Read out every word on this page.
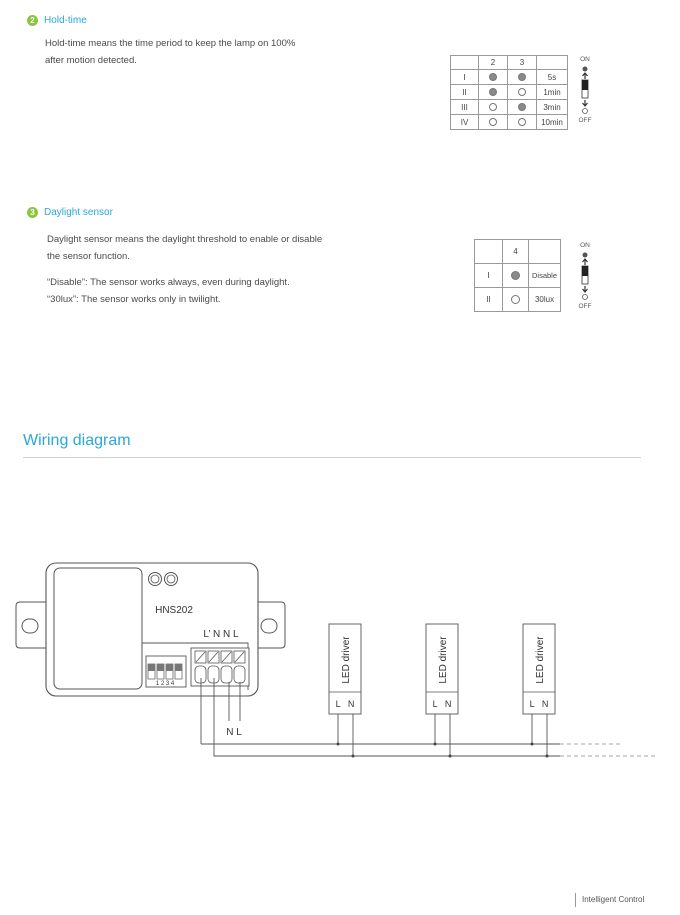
2 Hold-time
Hold-time means the time period to keep the lamp on 100%
after motion detected.
		2	3	
I			5s
II			1min
III			3min
IV			10min
ON
OFF
3 Daylight sensor
Daylight sensor means the daylight threshold to enable or disable
the sensor function.
“Disable”: The sensor works always, even during daylight.
“30lux”: The sensor works only in twilight.
	4	
I		Disable
II		30lux
ON
OFF
Wiring diagram
HNS202
L’ N N L
1 2 3 4
N L
LED driver
L   N
LED driver
L   N
LED driver
L   N
Intelligent Control
